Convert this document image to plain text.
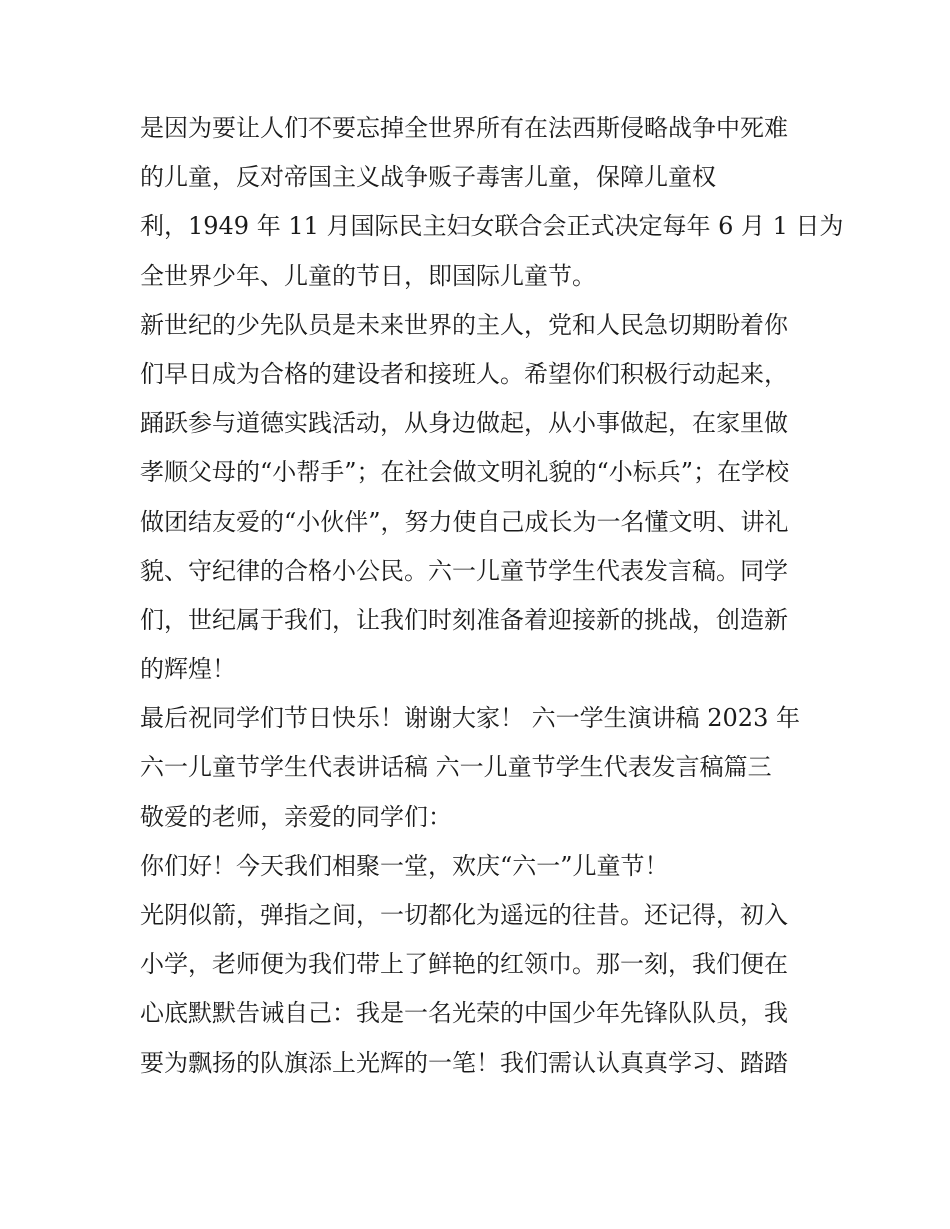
是因为要让人们不要忘掉全世界所有在法西斯侵略战争中死难
的儿童，反对帝国主义战争贩子毒害儿童，保障儿童权
利，1949 年 11 月国际民主妇女联合会正式决定每年 6 月 1 日为
全世界少年、儿童的节日，即国际儿童节。
新世纪的少先队员是未来世界的主人，党和人民急切期盼着你
们早日成为合格的建设者和接班人。希望你们积极行动起来，
踊跃参与道德实践活动，从身边做起，从小事做起，在家里做
孝顺父母的“小帮手”；在社会做文明礼貌的“小标兵”；在学校
做团结友爱的“小伙伴”，努力使自己成长为一名懂文明、讲礼
貌、守纪律的合格小公民。六一儿童节学生代表发言稿。同学
们，世纪属于我们，让我们时刻准备着迎接新的挑战，创造新
的辉煌！
最后祝同学们节日快乐！谢谢大家！ 六一学生演讲稿 2023 年
六一儿童节学生代表讲话稿 六一儿童节学生代表发言稿篇三
敬爱的老师，亲爱的同学们：
你们好！今天我们相聚一堂，欢庆“六一”儿童节！
光阴似箭，弹指之间，一切都化为遥远的往昔。还记得，初入
小学，老师便为我们带上了鲜艳的红领巾。那一刻，我们便在
心底默默告诫自己：我是一名光荣的中国少年先锋队队员，我
要为飘扬的队旗添上光辉的一笔！我们需认认真真学习、踏踏
